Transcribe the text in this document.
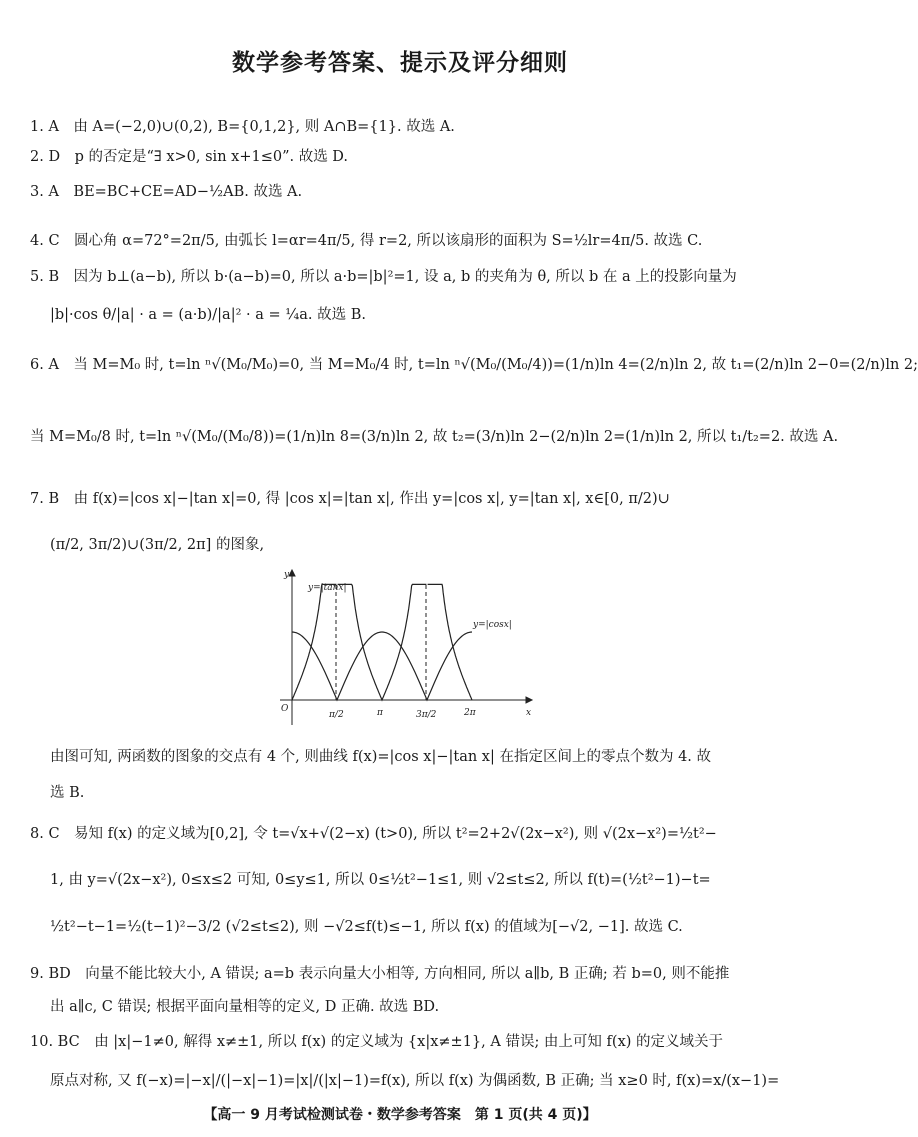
数学参考答案、提示及评分细则
1. A　由 A=(−2,0)∪(0,2), B={0,1,2}, 则 A∩B={1}. 故选 A.
2. D　p 的否定是“∃ x>0, sin x+1≤0”. 故选 D.
3. A　BE=BC+CE=AD−½AB. 故选 A.
4. C　圆心角 α=72°=2π/5, 由弧长 l=αr=4π/5, 得 r=2, 所以该扇形的面积为 S=½lr=4π/5. 故选 C.
5. B　因为 b⊥(a−b), 所以 b·(a−b)=0, 所以 a·b=|b|²=1, 设 a, b 的夹角为 θ, 所以 b 在 a 上的投影向量为
|b|·cos θ/|a| · a = (a·b)/|a|² · a = ¼a. 故选 B.
6. A　当 M=M₀ 时, t=ln ⁿ√(M₀/M₀)=0, 当 M=M₀/4 时, t=ln ⁿ√(M₀/(M₀/4))=(1/n)ln 4=(2/n)ln 2, 故 t₁=(2/n)ln 2−0=(2/n)ln 2;
当 M=M₀/8 时, t=ln ⁿ√(M₀/(M₀/8))=(1/n)ln 8=(3/n)ln 2, 故 t₂=(3/n)ln 2−(2/n)ln 2=(1/n)ln 2, 所以 t₁/t₂=2. 故选 A.
7. B　由 f(x)=|cos x|−|tan x|=0, 得 |cos x|=|tan x|, 作出 y=|cos x|, y=|tan x|, x∈[0, π/2)∪
(π/2, 3π/2)∪(3π/2, 2π] 的图象,
y
x
O
y=|tanx|
y=|cosx|
π/2	π	3π/2	2π
由图可知, 两函数的图象的交点有 4 个, 则曲线 f(x)=|cos x|−|tan x| 在指定区间上的零点个数为 4. 故
选 B.
8. C　易知 f(x) 的定义域为[0,2], 令 t=√x+√(2−x) (t>0), 所以 t²=2+2√(2x−x²), 则 √(2x−x²)=½t²−
1, 由 y=√(2x−x²), 0≤x≤2 可知, 0≤y≤1, 所以 0≤½t²−1≤1, 则 √2≤t≤2, 所以 f(t)=(½t²−1)−t=
½t²−t−1=½(t−1)²−3/2 (√2≤t≤2), 则 −√2≤f(t)≤−1, 所以 f(x) 的值域为[−√2, −1]. 故选 C.
9. BD　向量不能比较大小, A 错误; a=b 表示向量大小相等, 方向相同, 所以 a∥b, B 正确; 若 b=0, 则不能推
出 a∥c, C 错误; 根据平面向量相等的定义, D 正确. 故选 BD.
10. BC　由 |x|−1≠0, 解得 x≠±1, 所以 f(x) 的定义域为 {x|x≠±1}, A 错误; 由上可知 f(x) 的定义域关于
原点对称, 又 f(−x)=|−x|/(|−x|−1)=|x|/(|x|−1)=f(x), 所以 f(x) 为偶函数, B 正确; 当 x≥0 时, f(x)=x/(x−1)=
【高一 9 月考试检测试卷・数学参考答案　第 1 页(共 4 页)】
